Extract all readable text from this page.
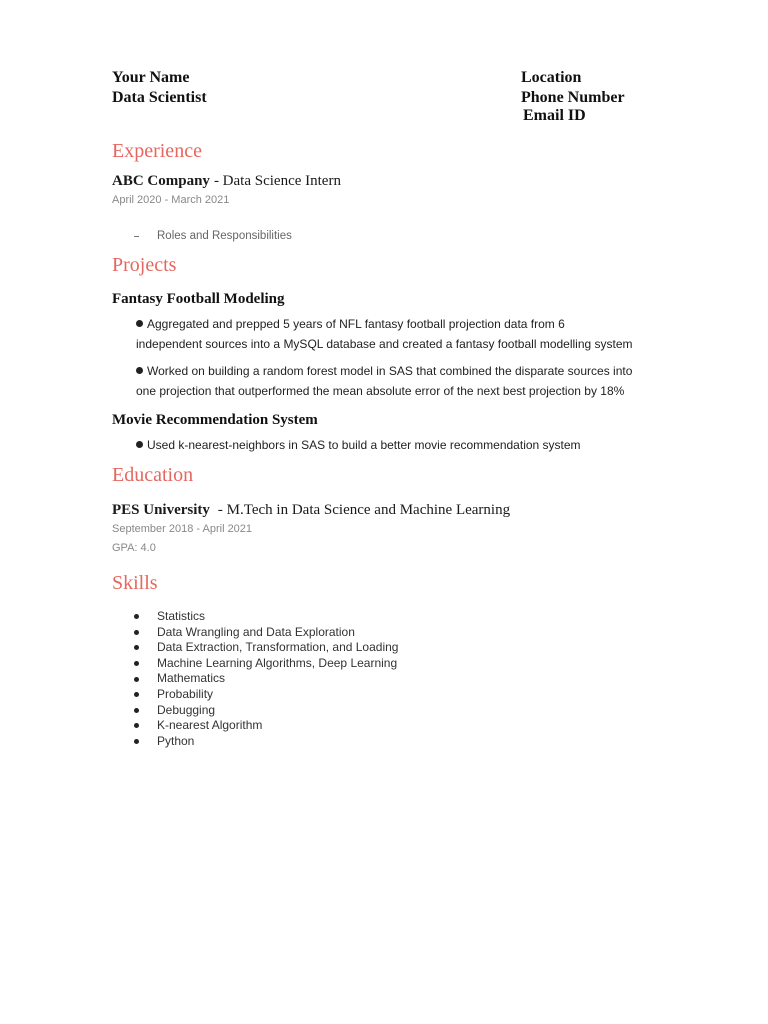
Your Name
Data Scientist
Location
Phone Number
Email ID
Experience
ABC Company - Data Science Intern
April 2020 - March 2021
Roles and Responsibilities
Projects
Fantasy Football Modeling
Aggregated and prepped 5 years of NFL fantasy football projection data from 6
independent sources into a MySQL database and created a fantasy football modelling system
Worked on building a random forest model in SAS that combined the disparate sources into
one projection that outperformed the mean absolute error of the next best projection by 18%
Movie Recommendation System
Used k-nearest-neighbors in SAS to build a better movie recommendation system
Education
PES University - M.Tech in Data Science and Machine Learning
September 2018 - April 2021
GPA: 4.0
Skills
Statistics
Data Wrangling and Data Exploration
Data Extraction, Transformation, and Loading
Machine Learning Algorithms, Deep Learning
Mathematics
Probability
Debugging
K-nearest Algorithm
Python
